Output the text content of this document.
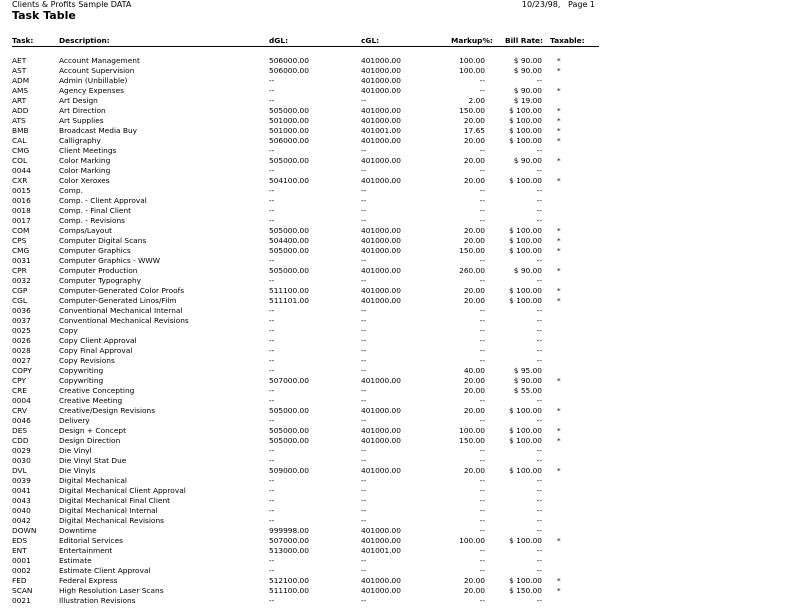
Clients & Profits Sample DATA	10/23/98,   Page 1
Task Table
Task:	Description:	dGL:	cGL:	Markup%: Bill Rate: Taxable:
AET	Account Management	506000.00	401000.00	100.00	$ 90.00 *
AST	Account Supervision	506000.00	401000.00	100.00	$ 90.00 *
ADM	Admin (Unbillable)	--	401000.00	--	--
AMS	Agency Expenses	--	401000.00	--	$ 90.00 *
ART	Art Design	--	--	2.00	$ 19.00
ADD	Art Direction	505000.00	401000.00	150.00	$ 100.00 *
ATS	Art Supplies	501000.00	401000.00	20.00	$ 100.00 *
BMB	Broadcast Media Buy	501000.00	401001.00	17.65	$ 100.00 *
CAL	Calligraphy	506000.00	401000.00	20.00	$ 100.00 *
CMG	Client Meetings	--	--	--	--
COL	Color Marking	505000.00	401000.00	20.00	$ 90.00 *
0044	Color Marking	--	--	--	--
CXR	Color Xeroxes	504100.00	401000.00	20.00	$ 100.00 *
0015	Comp.	--	--	--	--
0016	Comp. - Client Approval	--	--	--	--
0018	Comp. - Final Client	--	--	--	--
0017	Comp. - Revisions	--	--	--	--
COM	Comps/Layout	505000.00	401000.00	20.00	$ 100.00 *
CPS	Computer Digital Scans	504400.00	401000.00	20.00	$ 100.00 *
CMG	Computer Graphics	505000.00	401000.00	150.00	$ 100.00 *
0031	Computer Graphics - WWW	--	--	--	--
CPR	Computer Production	505000.00	401000.00	260.00	$ 90.00 *
0032	Computer Typography	--	--	--	--
CGP	Computer-Generated Color Proofs	511100.00	401000.00	20.00	$ 100.00 *
CGL	Computer-Generated Linos/Film	511101.00	401000.00	20.00	$ 100.00 *
0036	Conventional Mechanical Internal	--	--	--	--
0037	Conventional Mechanical Revisions	--	--	--	--
0025	Copy	--	--	--	--
0026	Copy Client Approval	--	--	--	--
0028	Copy Final Approval	--	--	--	--
0027	Copy Revisions	--	--	--	--
COPY	Copywriting	--	--	40.00	$ 95.00
CPY	Copywriting	507000.00	401000.00	20.00	$ 90.00 *
CRE	Creative Concepting	--	--	20.00	$ 55.00
0004	Creative Meeting	--	--	--	--
CRV	Creative/Design Revisions	505000.00	401000.00	20.00	$ 100.00 *
0046	Delivery	--	--	--	--
DES	Design + Concept	505000.00	401000.00	100.00	$ 100.00 *
CDD	Design Direction	505000.00	401000.00	150.00	$ 100.00 *
0029	Die Vinyl	--	--	--	--
0030	Die Vinyl Stat Due	--	--	--	--
DVL	Die Vinyls	509000.00	401000.00	20.00	$ 100.00 *
0039	Digital Mechanical	--	--	--	--
0041	Digital Mechanical Client Approval	--	--	--	--
0043	Digital Mechanical Final Client	--	--	--	--
0040	Digital Mechanical Internal	--	--	--	--
0042	Digital Mechanical Revisions	--	--	--	--
DOWN	Downtime	999998.00	401000.00	--	--
EDS	Editorial Services	507000.00	401000.00	100.00	$ 100.00 *
ENT	Entertainment	513000.00	401001.00	--	--
0001	Estimate	--	--	--	--
0002	Estimate Client Approval	--	--	--	--
FED	Federal Express	512100.00	401000.00	20.00	$ 100.00 *
SCAN	High Resolution Laser Scans	511100.00	401000.00	20.00	$ 150.00 *
0021	Illustration Revisions	--	--	--	--
